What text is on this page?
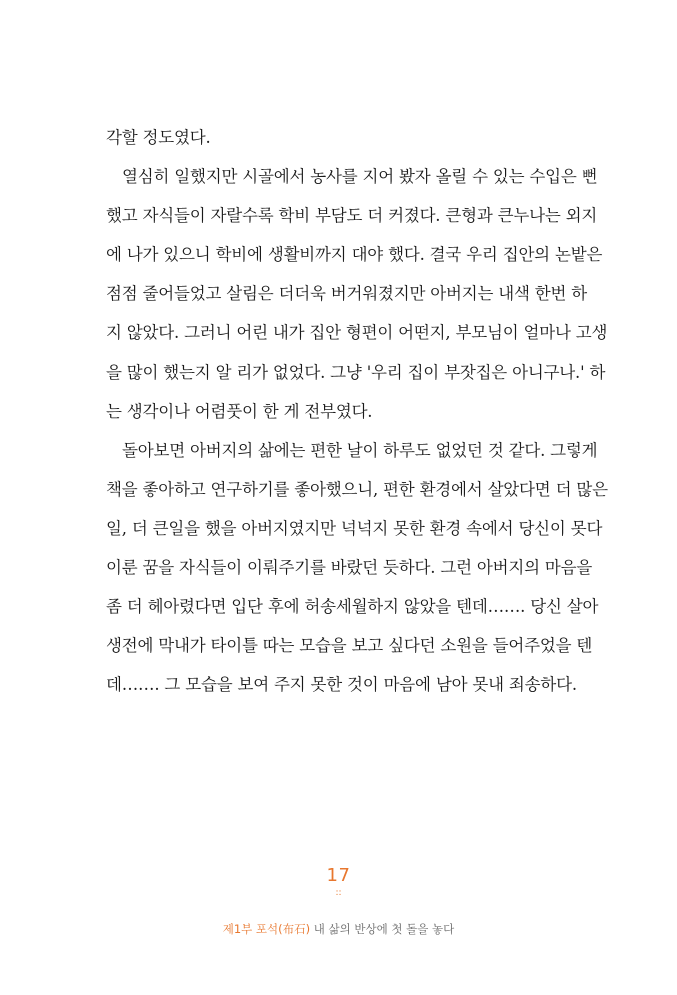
각할 정도였다.
열심히 일했지만 시골에서 농사를 지어 봤자 올릴 수 있는 수입은 뻔
했고 자식들이 자랄수록 학비 부담도 더 커졌다. 큰형과 큰누나는 외지
에 나가 있으니 학비에 생활비까지 대야 했다. 결국 우리 집안의 논밭은
점점 줄어들었고 살림은 더더욱 버거워졌지만 아버지는 내색 한번 하
지 않았다. 그러니 어린 내가 집안 형편이 어떤지, 부모님이 얼마나 고생
을 많이 했는지 알 리가 없었다. 그냥 '우리 집이 부잣집은 아니구나.' 하
는 생각이나 어렴풋이 한 게 전부였다.
돌아보면 아버지의 삶에는 편한 날이 하루도 없었던 것 같다. 그렇게
책을 좋아하고 연구하기를 좋아했으니, 편한 환경에서 살았다면 더 많은
일, 더 큰일을 했을 아버지였지만 넉넉지 못한 환경 속에서 당신이 못다
이룬 꿈을 자식들이 이뤄주기를 바랐던 듯하다. 그런 아버지의 마음을
좀 더 헤아렸다면 입단 후에 허송세월하지 않았을 텐데……. 당신 살아
생전에 막내가 타이틀 따는 모습을 보고 싶다던 소원을 들어주었을 텐
데……. 그 모습을 보여 주지 못한 것이 마음에 남아 못내 죄송하다.
17
::
제1부 포석(布石) 내 삶의 반상에 첫 돌을 놓다
